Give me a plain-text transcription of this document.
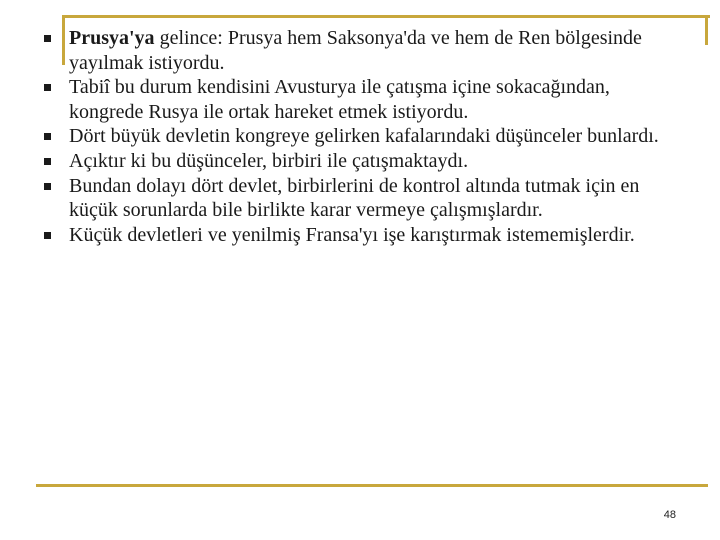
Prusya'ya gelince: Prusya hem Saksonya'da ve hem de Ren bölgesinde yayılmak istiyordu.
Tabiî bu durum kendisini Avusturya ile çatışma içine sokacağından, kongrede Rusya ile ortak hareket etmek istiyordu.
Dört büyük devletin kongreye gelirken kafalarındaki düşünceler bunlardı.
Açıktır ki bu düşünceler, birbiri ile çatışmaktaydı.
Bundan dolayı dört devlet, birbirlerini de kontrol altında tutmak için en küçük sorunlarda bile birlikte karar vermeye çalışmışlardır.
Küçük devletleri ve yenilmiş Fransa'yı işe karıştırmak istememişlerdir.
48
